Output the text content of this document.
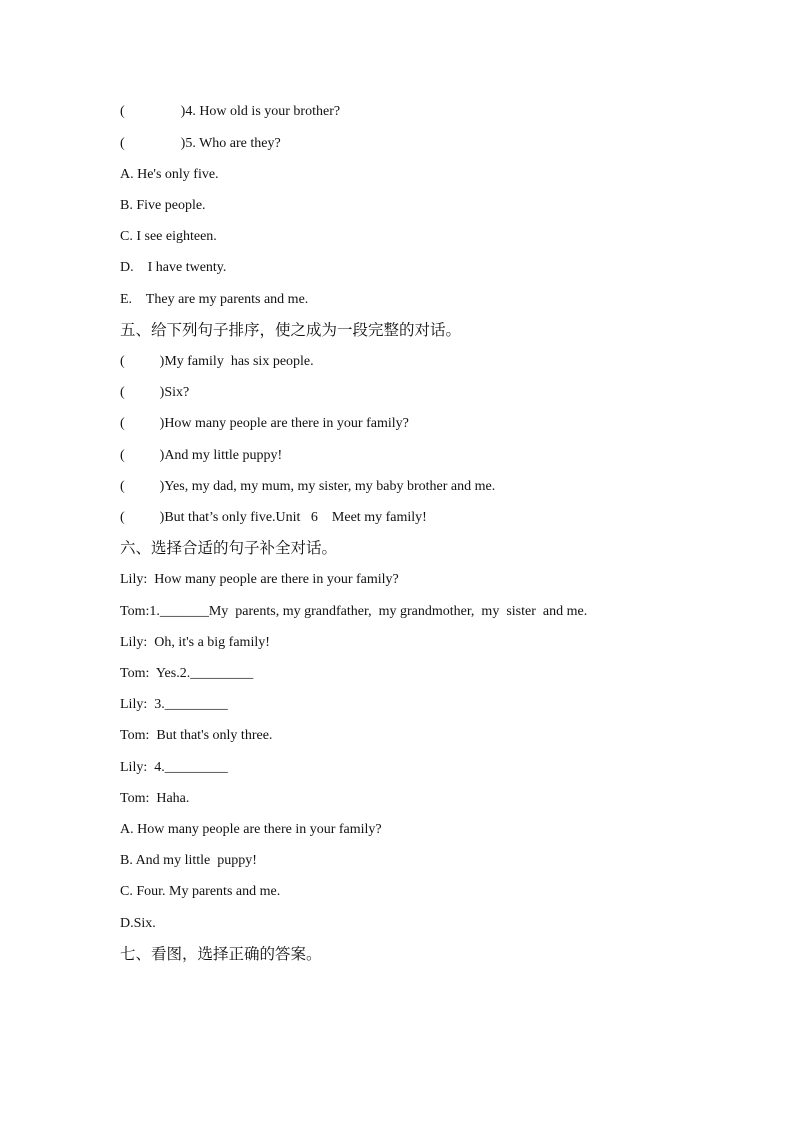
(                )4. How old is your brother?
(                )5. Who are they?
A. He's only five.
B. Five people.
C. I see eighteen.
D.    I have twenty.
E.    They are my parents and me.
五、给下列句子排序，使之成为一段完整的对话。
(          )My family  has six people.
(          )Six?
(          )How many people are there in your family?
(          )And my little puppy!
(          )Yes, my dad, my mum, my sister, my baby brother and me.
(          )But that’s only five.Unit   6    Meet my family!
六、选择合适的句子补全对话。
Lily:  How many people are there in your family?
Tom:1._______My  parents, my grandfather,  my grandmother,  my  sister  and me.
Lily:  Oh, it's a big family!
Tom:  Yes.2._________
Lily:  3._________
Tom:  But that's only three.
Lily:  4._________
Tom:  Haha.
A. How many people are there in your family?
B. And my little  puppy!
C. Four. My parents and me.
D.Six.
七、看图，选择正确的答案。
